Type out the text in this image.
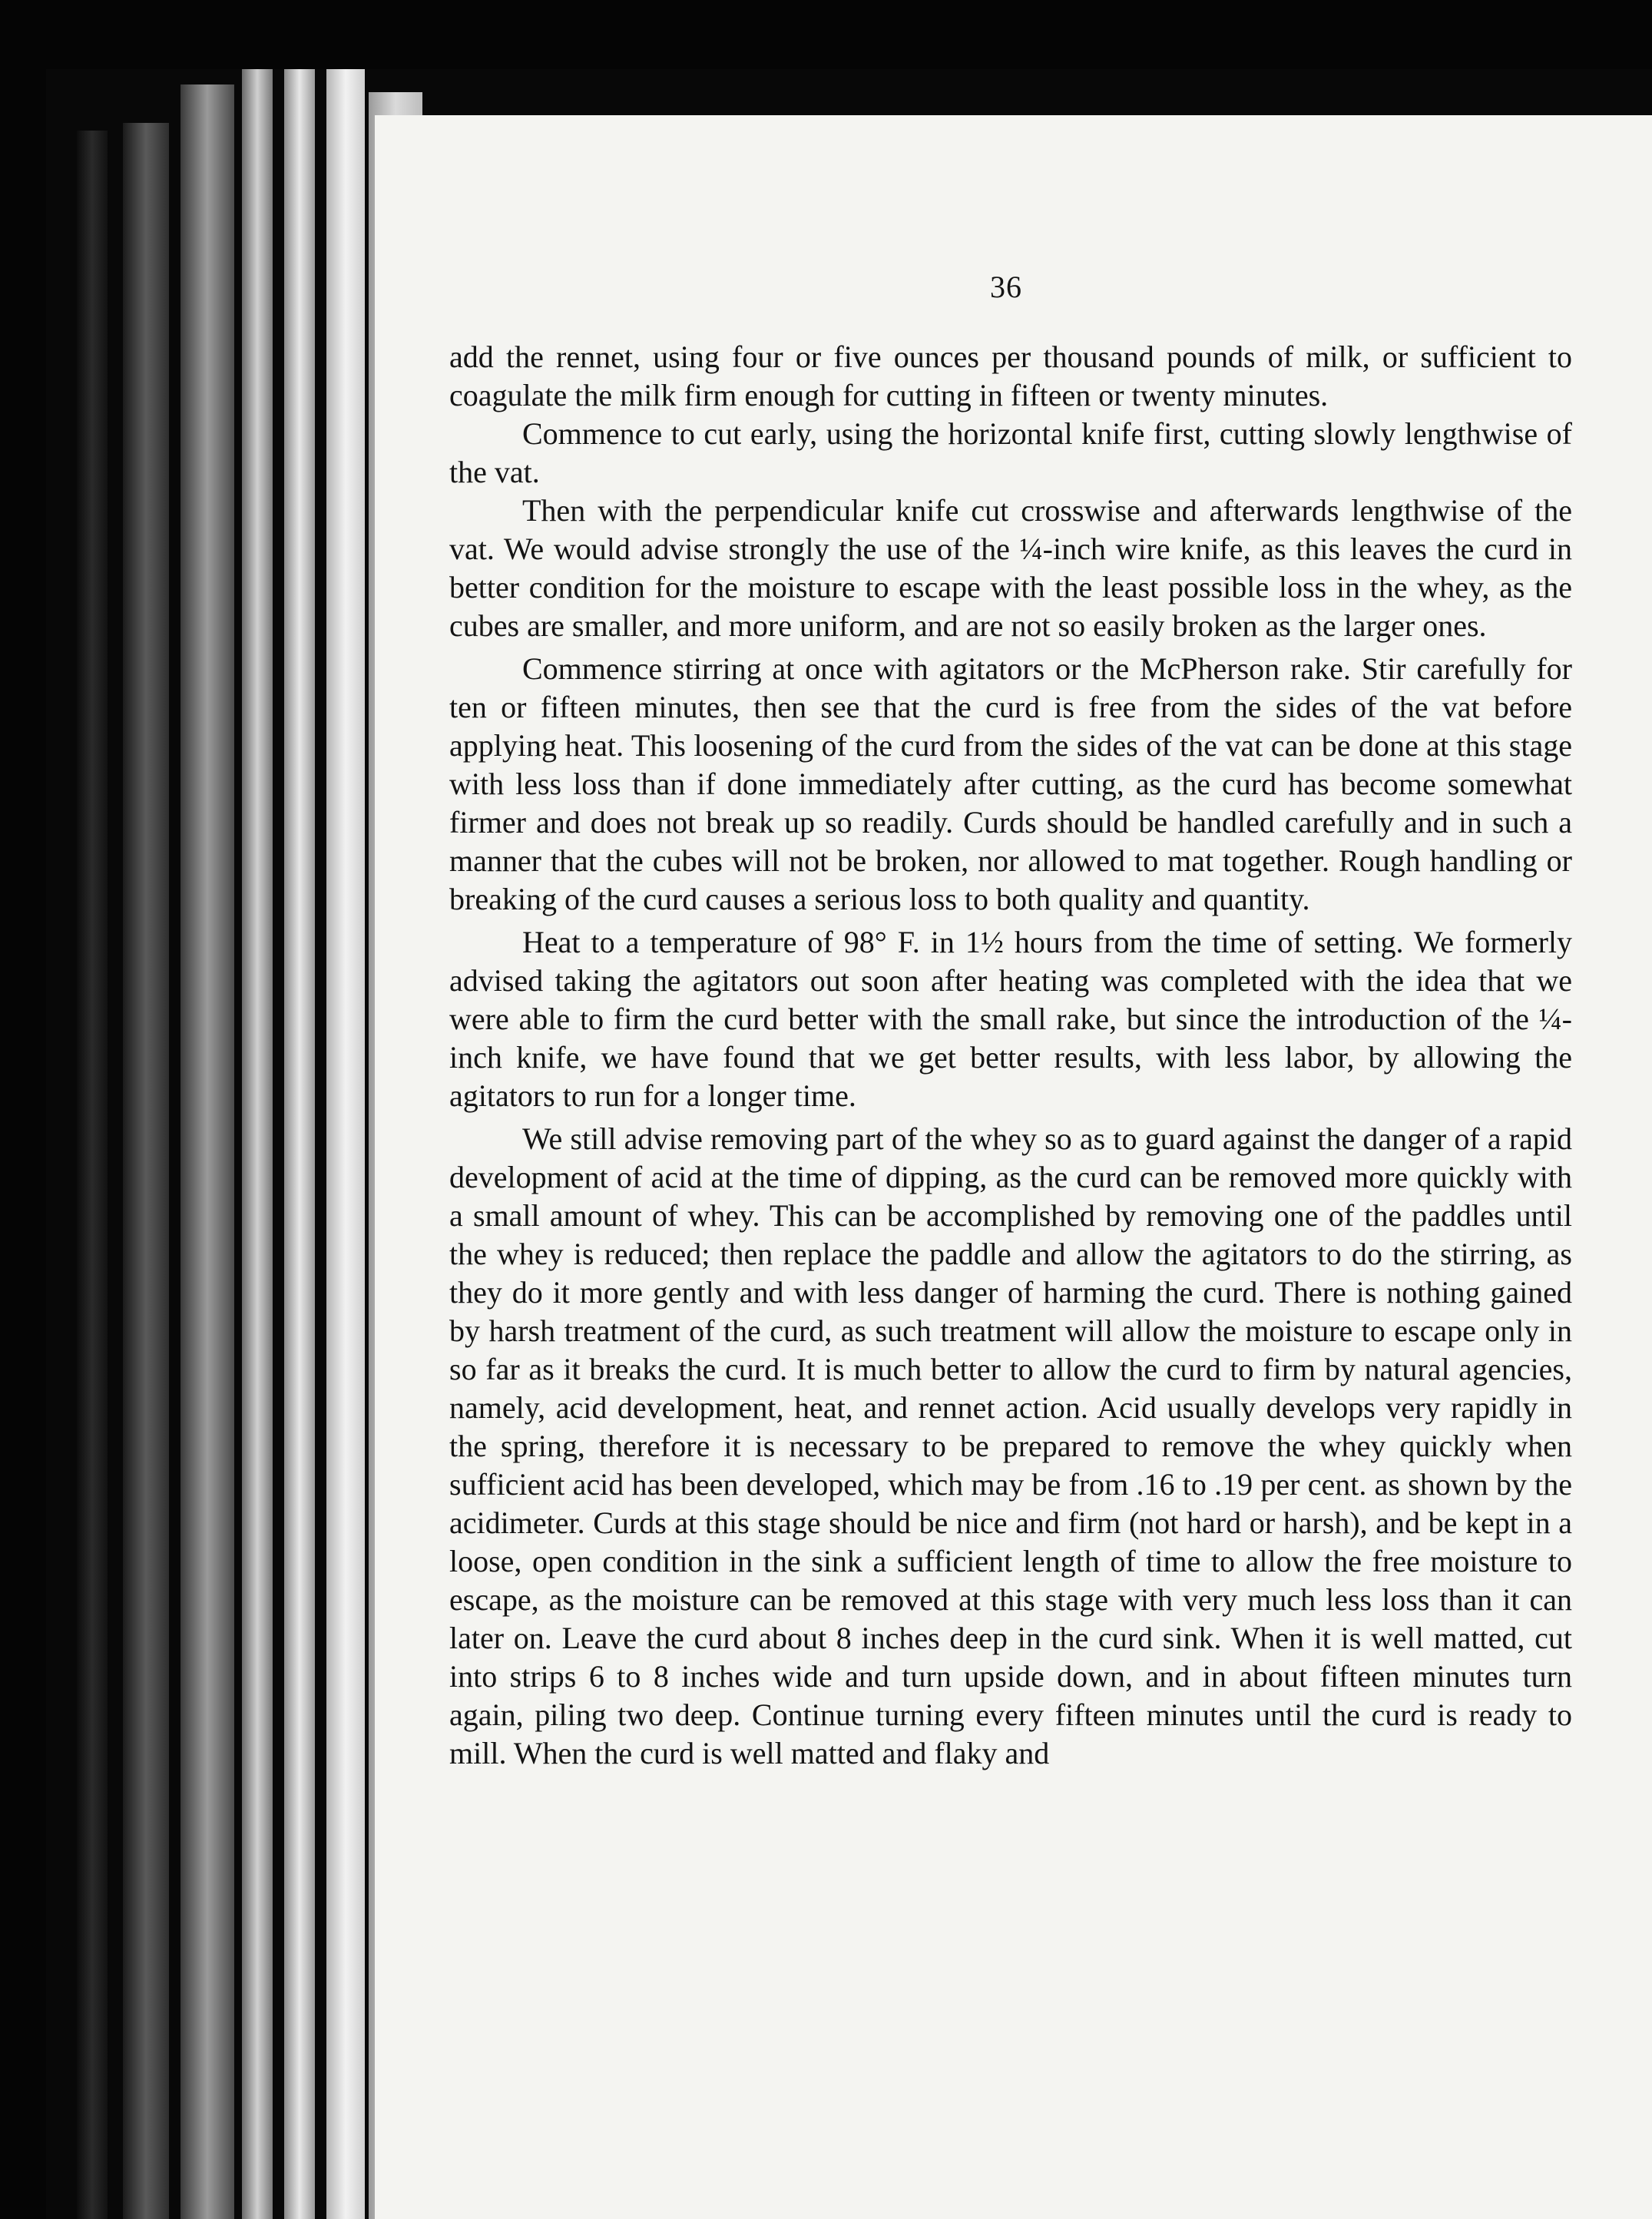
36

add the rennet, using four or five ounces per thousand pounds of milk, or sufficient to coagulate the milk firm enough for cutting in fifteen or twenty minutes.

Commence to cut early, using the horizontal knife first, cutting slowly lengthwise of the vat.

Then with the perpendicular knife cut crosswise and afterwards lengthwise of the vat. We would advise strongly the use of the ¼-inch wire knife, as this leaves the curd in better condition for the moisture to escape with the least possible loss in the whey, as the cubes are smaller, and more uniform, and are not so easily broken as the larger ones.

Commence stirring at once with agitators or the McPherson rake. Stir carefully for ten or fifteen minutes, then see that the curd is free from the sides of the vat before applying heat. This loosening of the curd from the sides of the vat can be done at this stage with less loss than if done immediately after cutting, as the curd has become somewhat firmer and does not break up so readily. Curds should be handled carefully and in such a manner that the cubes will not be broken, nor allowed to mat together. Rough handling or breaking of the curd causes a serious loss to both quality and quantity.

Heat to a temperature of 98° F. in 1½ hours from the time of setting. We formerly advised taking the agitators out soon after heating was completed with the idea that we were able to firm the curd better with the small rake, but since the introduction of the ¼-inch knife, we have found that we get better results, with less labor, by allowing the agitators to run for a longer time.

We still advise removing part of the whey so as to guard against the danger of a rapid development of acid at the time of dipping, as the curd can be removed more quickly with a small amount of whey. This can be accomplished by removing one of the paddles until the whey is reduced; then replace the paddle and allow the agitators to do the stirring, as they do it more gently and with less danger of harming the curd. There is nothing gained by harsh treatment of the curd, as such treatment will allow the moisture to escape only in so far as it breaks the curd. It is much better to allow the curd to firm by natural agencies, namely, acid development, heat, and rennet action. Acid usually develops very rapidly in the spring, therefore it is necessary to be prepared to remove the whey quickly when sufficient acid has been developed, which may be from .16 to .19 per cent. as shown by the acidimeter. Curds at this stage should be nice and firm (not hard or harsh), and be kept in a loose, open condition in the sink a sufficient length of time to allow the free moisture to escape, as the moisture can be removed at this stage with very much less loss than it can later on. Leave the curd about 8 inches deep in the curd sink. When it is well matted, cut into strips 6 to 8 inches wide and turn upside down, and in about fifteen minutes turn again, piling two deep. Continue turning every fifteen minutes until the curd is ready to mill. When the curd is well matted and flaky and
